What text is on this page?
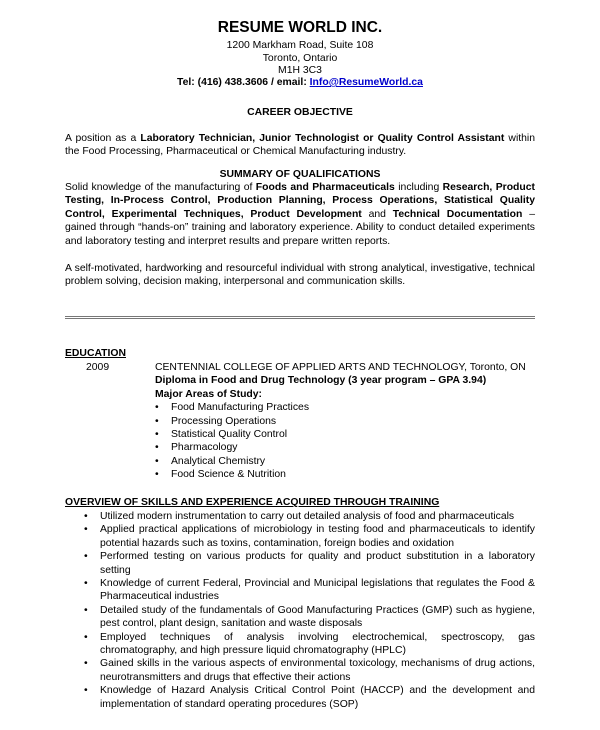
RESUME WORLD INC.
1200 Markham Road, Suite 108
Toronto, Ontario
M1H 3C3
Tel: (416) 438.3606 / email: Info@ResumeWorld.ca
CAREER OBJECTIVE
A position as a Laboratory Technician, Junior Technologist or Quality Control Assistant within the Food Processing, Pharmaceutical or Chemical Manufacturing industry.
SUMMARY OF QUALIFICATIONS
Solid knowledge of the manufacturing of Foods and Pharmaceuticals including Research, Product Testing, In-Process Control, Production Planning, Process Operations, Statistical Quality Control, Experimental Techniques, Product Development and Technical Documentation – gained through “hands-on” training and laboratory experience. Ability to conduct detailed experiments and laboratory testing and interpret results and prepare written reports.
A self-motivated, hardworking and resourceful individual with strong analytical, investigative, technical problem solving, decision making, interpersonal and communication skills.
EDUCATION
2009	CENTENNIAL COLLEGE OF APPLIED ARTS AND TECHNOLOGY, Toronto, ON
Diploma in Food and Drug Technology (3 year program – GPA 3.94)
Major Areas of Study:
• Food Manufacturing Practices
• Processing Operations
• Statistical Quality Control
• Pharmacology
• Analytical Chemistry
• Food Science & Nutrition
OVERVIEW OF SKILLS AND EXPERIENCE ACQUIRED THROUGH TRAINING
• Utilized modern instrumentation to carry out detailed analysis of food and pharmaceuticals
• Applied practical applications of microbiology in testing food and pharmaceuticals to identify potential hazards such as toxins, contamination, foreign bodies and oxidation
• Performed testing on various products for quality and product substitution in a laboratory setting
• Knowledge of current Federal, Provincial and Municipal legislations that regulates the Food & Pharmaceutical industries
• Detailed study of the fundamentals of Good Manufacturing Practices (GMP) such as hygiene, pest control, plant design, sanitation and waste disposals
• Employed techniques of analysis involving electrochemical, spectroscopy, gas chromatography, and high pressure liquid chromatography (HPLC)
• Gained skills in the various aspects of environmental toxicology, mechanisms of drug actions, neurotransmitters and drugs that effective their actions
• Knowledge of Hazard Analysis Critical Control Point (HACCP) and the development and implementation of standard operating procedures (SOP)
